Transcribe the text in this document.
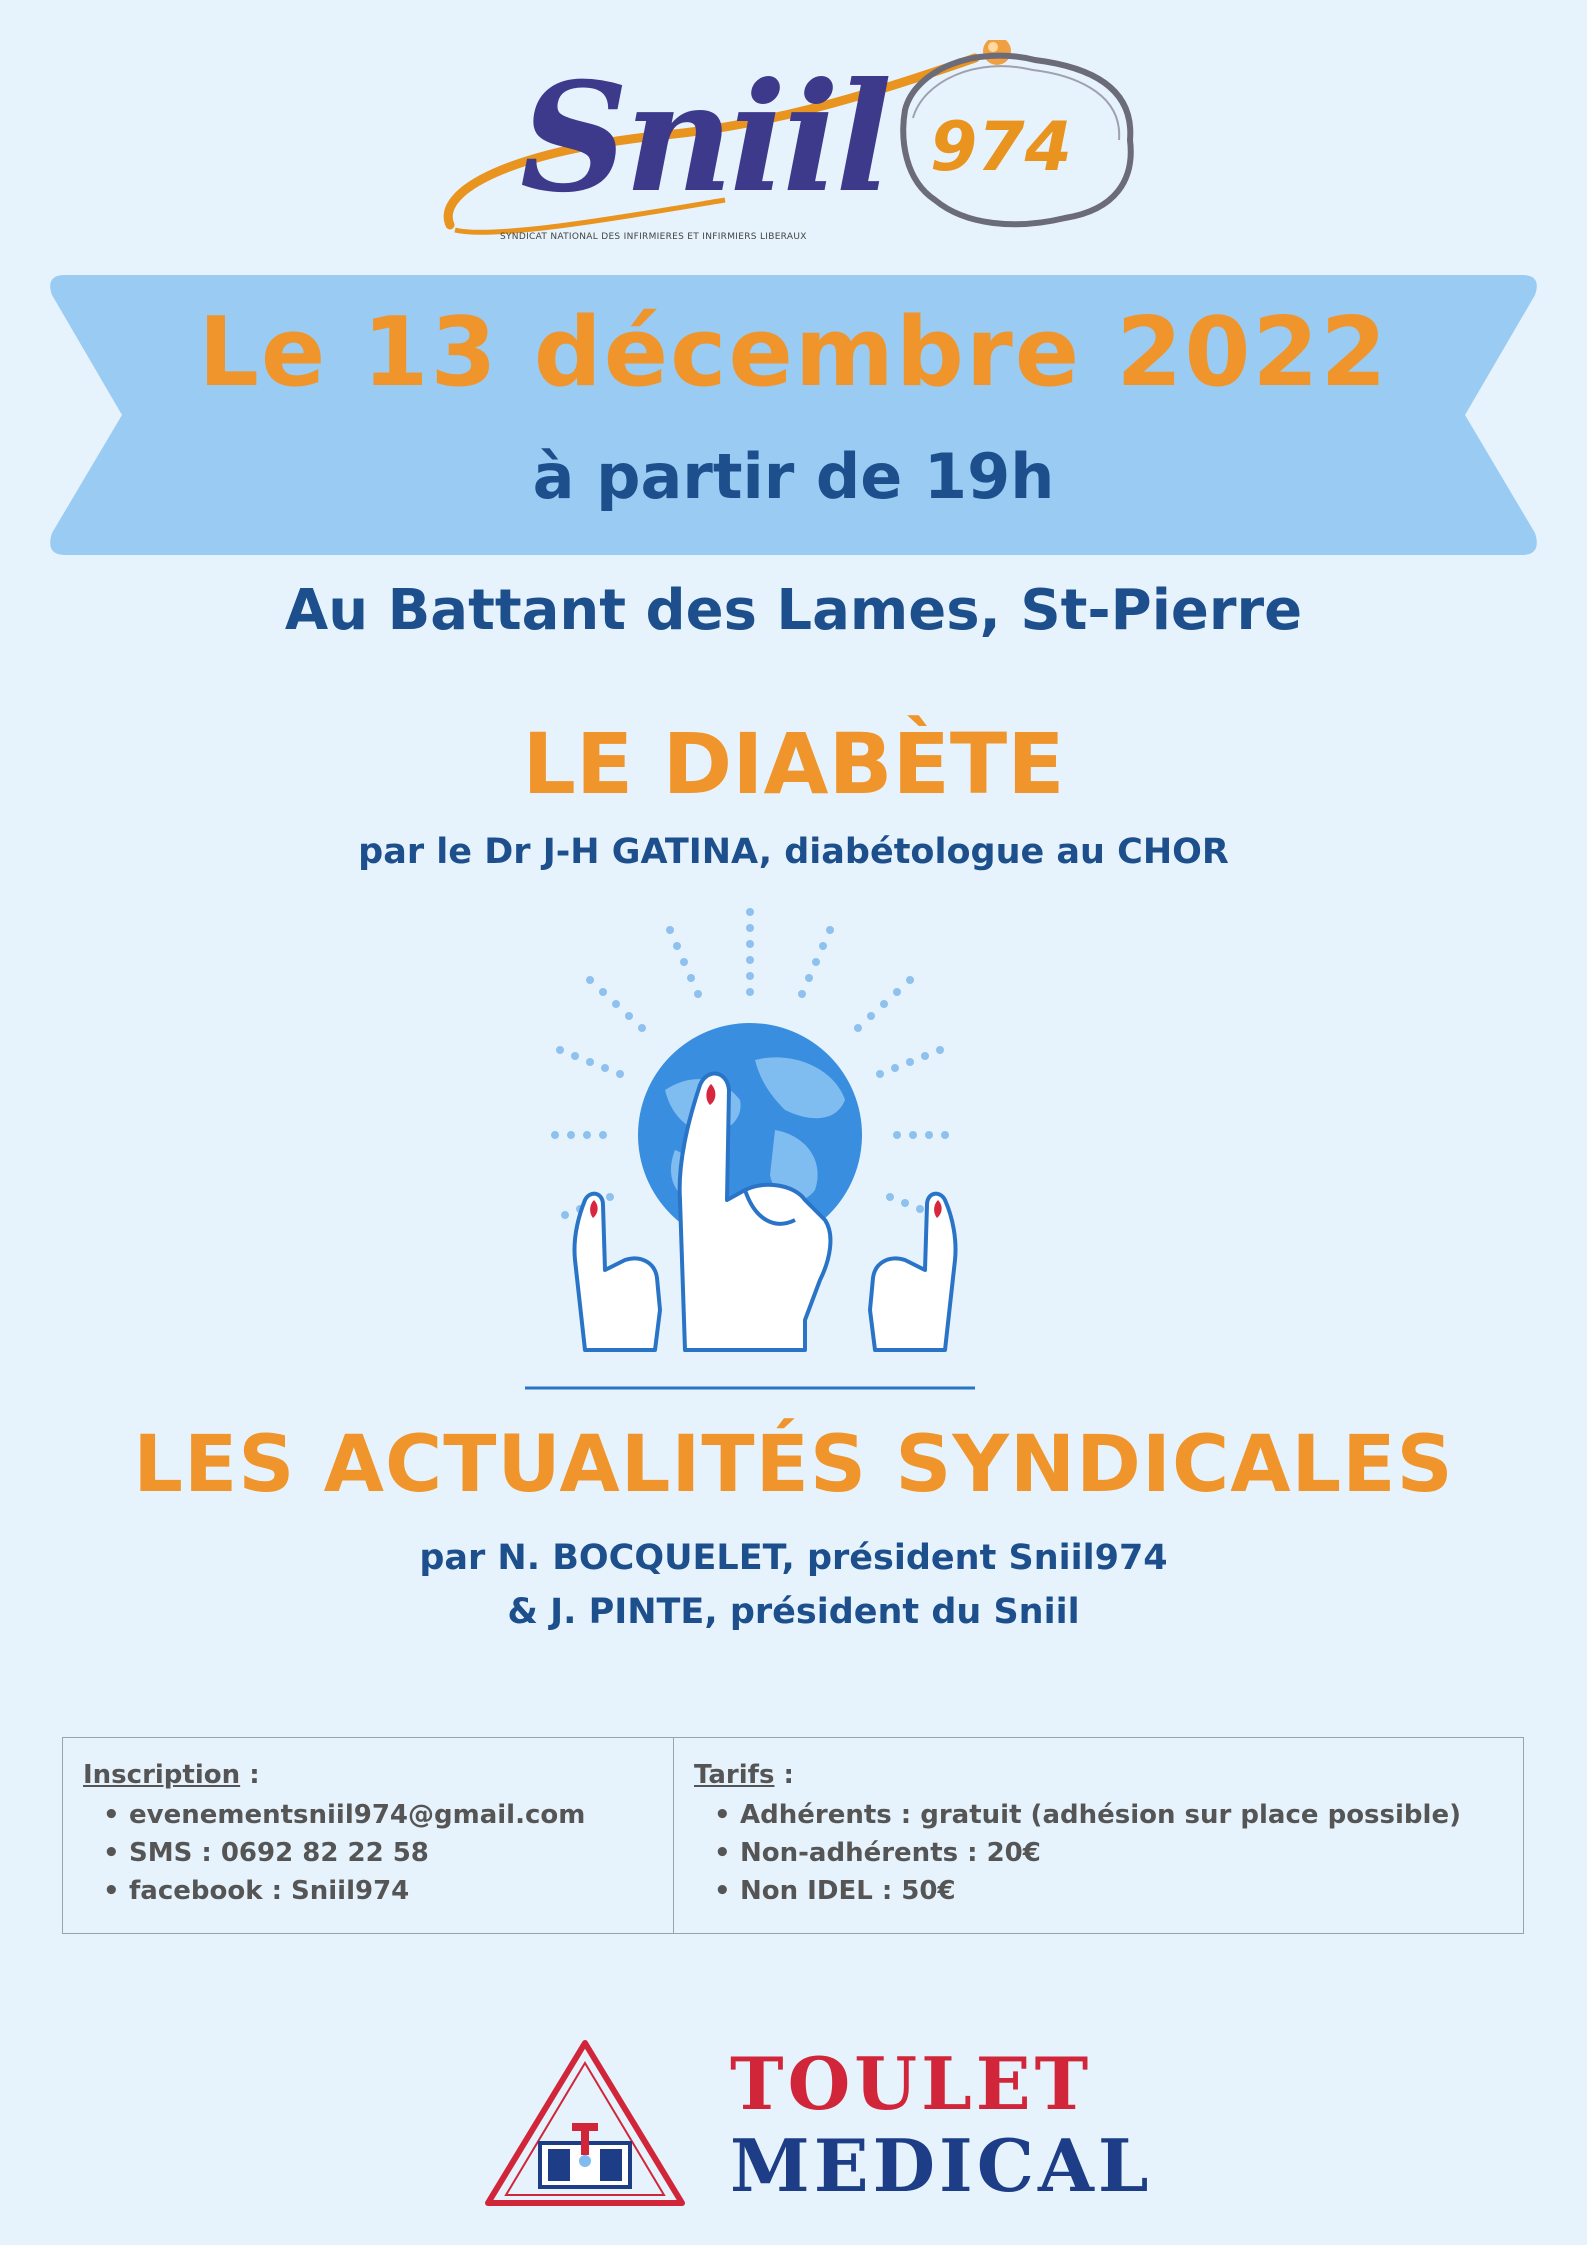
Sniil
SYNDICAT NATIONAL DES INFIRMIERES ET INFIRMIERS LIBERAUX
974
Le 13 décembre 2022
à partir de 19h
Au Battant des Lames, St-Pierre
LE DIABÈTE
par le Dr J-H GATINA, diabétologue au CHOR
LES ACTUALITÉS SYNDICALES
par N. BOCQUELET, président Sniil974
& J. PINTE, président du Sniil
Inscription :
• evenementsniil974@gmail.com
• SMS : 0692 82 22 58
• facebook : Sniil974
Tarifs :
• Adhérents : gratuit (adhésion sur place possible)
• Non-adhérents : 20€
• Non IDEL : 50€
TOULET
MEDICAL
